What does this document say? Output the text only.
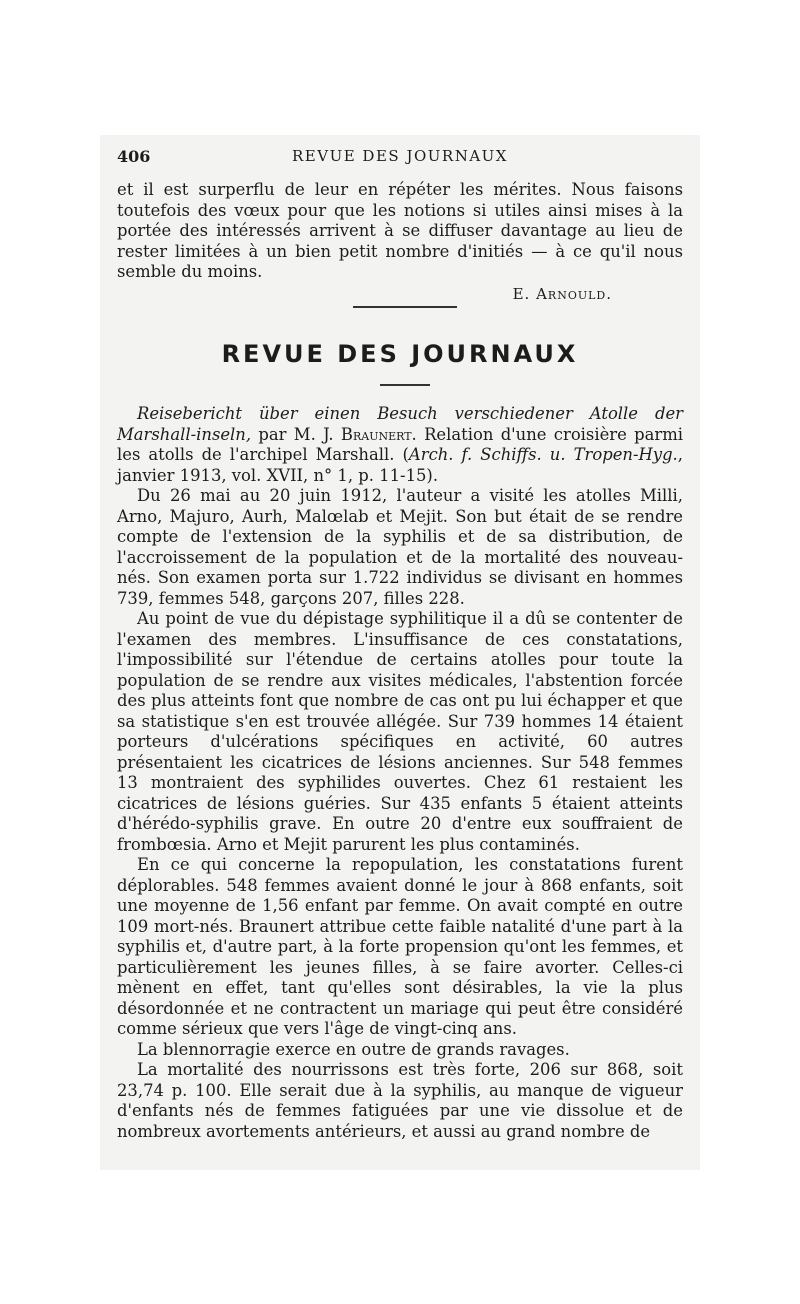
406	REVUE DES JOURNAUX

et il est surperflu de leur en répéter les mérites. Nous faisons toutefois des vœux pour que les notions si utiles ainsi mises à la portée des intéressés arrivent à se diffuser davantage au lieu de rester limitées à un bien petit nombre d'initiés — à ce qu'il nous semble du moins.

E. Arnould.
REVUE DES JOURNAUX

Reisebericht über einen Besuch verschiedener Atolle der Marshall-inseln, par M. J. Braunert. Relation d'une croisière parmi les atolls de l'archipel Marshall. (Arch. f. Schiffs. u. Tropen-Hyg., janvier 1913, vol. XVII, n° 1, p. 11-15).

Du 26 mai au 20 juin 1912, l'auteur a visité les atolles Milli, Arno, Majuro, Aurh, Malœlab et Mejit. Son but était de se rendre compte de l'extension de la syphilis et de sa distribution, de l'accroissement de la population et de la mortalité des nouveau-nés. Son examen porta sur 1.722 individus se divisant en hommes 739, femmes 548, garçons 207, filles 228.

Au point de vue du dépistage syphilitique il a dû se contenter de l'examen des membres. L'insuffisance de ces constatations, l'impossibilité sur l'étendue de certains atolles pour toute la population de se rendre aux visites médicales, l'abstention forcée des plus atteints font que nombre de cas ont pu lui échapper et que sa statistique s'en est trouvée allégée. Sur 739 hommes 14 étaient porteurs d'ulcérations spécifiques en activité, 60 autres présentaient les cicatrices de lésions anciennes. Sur 548 femmes 13 montraient des syphilides ouvertes. Chez 61 restaient les cicatrices de lésions guéries. Sur 435 enfants 5 étaient atteints d'hérédo-syphilis grave. En outre 20 d'entre eux souffraient de frombœsia. Arno et Mejit parurent les plus contaminés.

En ce qui concerne la repopulation, les constatations furent déplorables. 548 femmes avaient donné le jour à 868 enfants, soit une moyenne de 1,56 enfant par femme. On avait compté en outre 109 mort-nés. Braunert attribue cette faible natalité d'une part à la syphilis et, d'autre part, à la forte propension qu'ont les femmes, et particulièrement les jeunes filles, à se faire avorter. Celles-ci mènent en effet, tant qu'elles sont désirables, la vie la plus désordonnée et ne contractent un mariage qui peut être considéré comme sérieux que vers l'âge de vingt-cinq ans.

La blennorragie exerce en outre de grands ravages.

La mortalité des nourrissons est très forte, 206 sur 868, soit 23,74 p. 100. Elle serait due à la syphilis, au manque de vigueur d'enfants nés de femmes fatiguées par une vie dissolue et de nombreux avortements antérieurs, et aussi au grand nombre de
